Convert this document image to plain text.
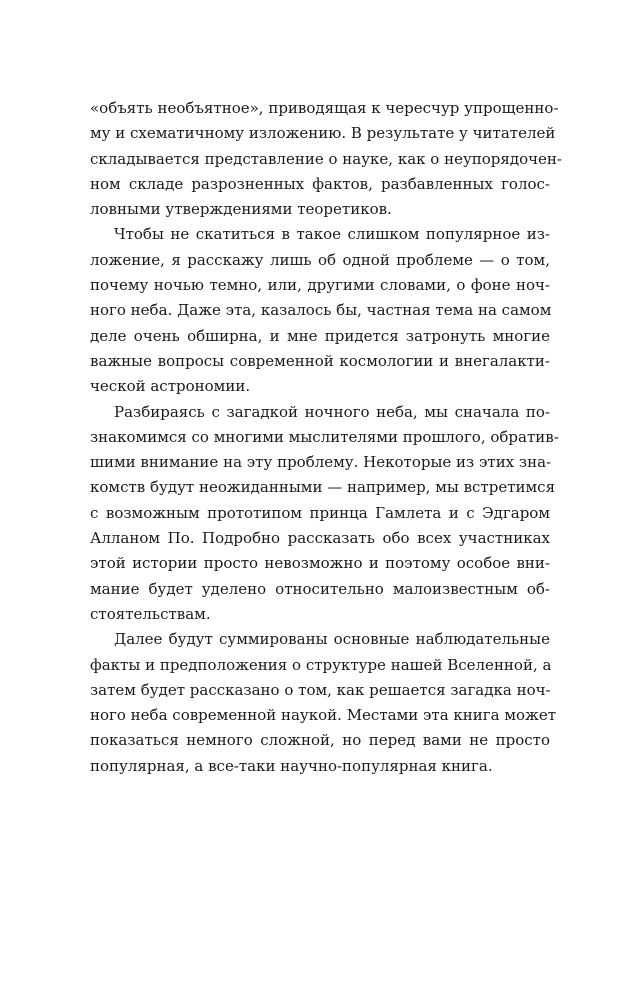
«объять необъятное», приводящая к чересчур упрощенно-
му и схематичному изложению. В результате у читателей
складывается представление о науке, как о неупорядочен-
ном складе разрозненных фактов, разбавленных голос-
ловными утверждениями теоретиков.
Чтобы не скатиться в такое слишком популярное из-
ложение, я расскажу лишь об одной проблеме — о том,
почему ночью темно, или, другими словами, о фоне ноч-
ного неба. Даже эта, казалось бы, частная тема на самом
деле очень обширна, и мне придется затронуть многие
важные вопросы современной космологии и внегалакти-
ческой астрономии.
Разбираясь с загадкой ночного неба, мы сначала по-
знакомимся со многими мыслителями прошлого, обратив-
шими внимание на эту проблему. Некоторые из этих зна-
комств будут неожиданными — например, мы встретимся
с возможным прототипом принца Гамлета и с Эдгаром
Алланом По. Подробно рассказать обо всех участниках
этой истории просто невозможно и поэтому особое вни-
мание будет уделено относительно малоизвестным об-
стоятельствам.
Далее будут суммированы основные наблюдательные
факты и предположения о структуре нашей Вселенной, а
затем будет рассказано о том, как решается загадка ноч-
ного неба современной наукой. Местами эта книга может
показаться немного сложной, но перед вами не просто
популярная, а все-таки научно-популярная книга.
